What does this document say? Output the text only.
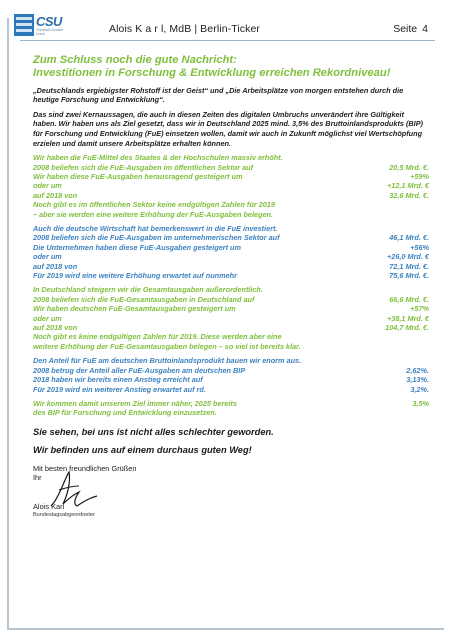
CSU
Christlich-Soziale Union	Alois K a r l, MdB | Berlin-Ticker	Seite 4
Zum Schluss noch die gute Nachricht:
Investitionen in Forschung & Entwicklung erreichen Rekordniveau!
„Deutschlands ergiebigster Rohstoff ist der Geist“ und „Die Arbeitsplätze von morgen entstehen durch die heutige Forschung und Entwicklung“.
Das sind zwei Kernaussagen, die auch in diesen Zeiten des digitalen Umbruchs unverändert ihre Gültigkeit haben. Wir haben uns als Ziel gesetzt, dass wir in Deutschland 2025 mind. 3,5% des Bruttoinlandsprodukts (BIP) für Forschung und Entwicklung (FuE) einsetzen wollen, damit wir auch in Zukunft möglichst viel Wertschöpfung erzielen und damit unsere Arbeitsplätze erhalten können.
Wir haben die FuE-Mittel des Staates & der Hochschulen massiv erhöht.
2008 beliefen sich die FuE-Ausgaben im öffentlichen Sektor auf	20,5 Mrd. €.
Wir haben diese FuE-Ausgaben herausragend gesteigert um	+59%
oder um	+12,1 Mrd. €
auf 2018 von	32,6 Mrd. €.
Noch gibt es im öffentlichen Sektor keine endgültigen Zahlen für 2019
– aber sie werden eine weitere Erhöhung der FuE-Ausgaben belegen.
Auch die deutsche Wirtschaft hat bemerkenswert in die FuE investiert.
2008 beliefen sich die FuE-Ausgaben im unternehmerischen Sektor auf	46,1 Mrd. €.
Die Unternehmen haben diese FuE-Ausgaben gesteigert um	+56%
oder um	+26,0 Mrd. €
auf 2018 von	72,1 Mrd. €.
Für 2019 wird eine weitere Erhöhung erwartet auf nunmehr	75,6 Mrd. €.
In Deutschland steigern wir die Gesamtausgaben außerordentlich.
2008 beliefen sich die FuE-Gesamtausgaben in Deutschland auf	66,6 Mrd. €.
Wir haben deutschen FuE-Gesamtausgaben gesteigert um	+57%
oder um	+38,1 Mrd. €
auf 2018 von	104,7 Mrd. €.
Noch gibt es keine endgültigen Zahlen für 2019. Diese werden aber eine
weitere Erhöhung der FuE-Gesamtausgaben belegen – so viel ist bereits klar.
Den Anteil für FuE am deutschen Bruttoinlandsprodukt bauen wir enorm aus.
2008 betrug der Anteil aller FuE-Ausgaben am deutschen BIP	2,62%.
2018 haben wir bereits einen Anstieg erreicht auf	3,13%.
Für 2019 wird ein weiterer Anstieg erwartet auf rd.	3,2%.
Wir kommen damit unserem Ziel immer näher, 2025 bereits	3,5%
des BIP für Forschung und Entwicklung einzusetzen.
Sie sehen, bei uns ist nicht alles schlechter geworden.
Wir befinden uns auf einem durchaus guten Weg!
Mit besten freundlichen Grüßen
Ihr
Alois Karl
Bundestagsabgeordneter
